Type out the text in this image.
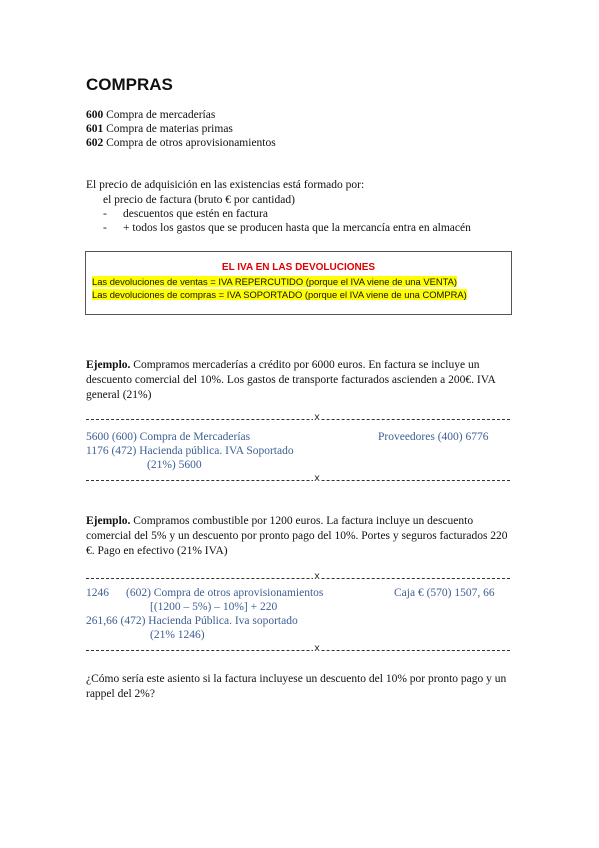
COMPRAS
600 Compra de mercaderías
601 Compra de materias primas
602 Compra de otros aprovisionamientos
El precio de adquisición en las existencias está formado por:
el precio de factura (bruto € por cantidad)
- descuentos que estén en factura
- + todos los gastos que se producen hasta que la mercancía entra en almacén
EL IVA EN LAS DEVOLUCIONES
Las devoluciones de ventas = IVA REPERCUTIDO (porque el IVA viene de una VENTA)
Las devoluciones de compras = IVA SOPORTADO (porque el IVA viene de una COMPRA)
Ejemplo. Compramos mercaderías a crédito por 6000 euros. En factura se incluye un descuento comercial del 10%. Los gastos de transporte facturados ascienden a 200€. IVA general (21%)
x
5600 (600) Compra de Mercaderías	Proveedores (400) 6776
1176 (472) Hacienda pública. IVA Soportado
(21%) 5600
x
Ejemplo. Compramos combustible por 1200 euros. La factura incluye un descuento comercial del 5% y un descuento por pronto pago del 10%. Portes y seguros facturados 220 €. Pago en efectivo (21% IVA)
x
1246 (602) Compra de otros aprovisionamientos	Caja € (570) 1507, 66
[(1200 – 5%) – 10%] + 220
261,66 (472) Hacienda Pública. Iva soportado
(21% 1246)
x
¿Cómo sería este asiento si la factura incluyese un descuento del 10% por pronto pago y un rappel del 2%?
